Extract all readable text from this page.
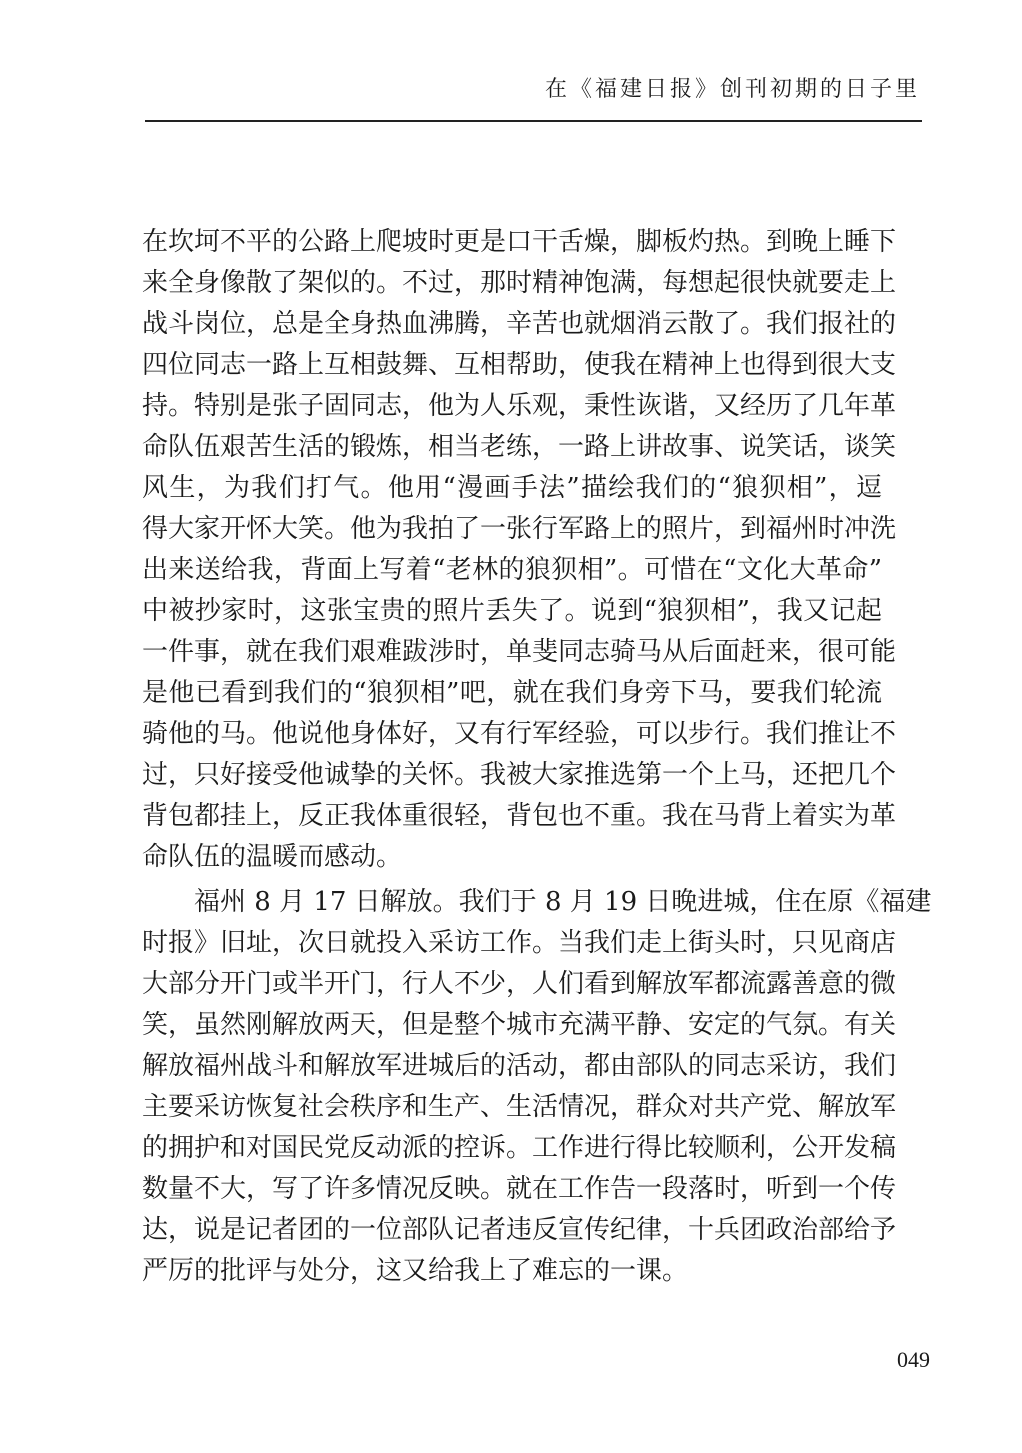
在《福建日报》创刊初期的日子里
在坎坷不平的公路上爬坡时更是口干舌燥，脚板灼热。到晚上睡下
来全身像散了架似的。不过，那时精神饱满，每想起很快就要走上
战斗岗位，总是全身热血沸腾，辛苦也就烟消云散了。我们报社的
四位同志一路上互相鼓舞、互相帮助，使我在精神上也得到很大支
持。特别是张子固同志，他为人乐观，秉性诙谐，又经历了几年革
命队伍艰苦生活的锻炼，相当老练，一路上讲故事、说笑话，谈笑
风生，为我们打气。他用“漫画手法”描绘我们的“狼狈相”，逗
得大家开怀大笑。他为我拍了一张行军路上的照片，到福州时冲洗
出来送给我，背面上写着“老林的狼狈相”。可惜在“文化大革命”
中被抄家时，这张宝贵的照片丢失了。说到“狼狈相”，我又记起
一件事，就在我们艰难跋涉时，单斐同志骑马从后面赶来，很可能
是他已看到我们的“狼狈相”吧，就在我们身旁下马，要我们轮流
骑他的马。他说他身体好，又有行军经验，可以步行。我们推让不
过，只好接受他诚挚的关怀。我被大家推选第一个上马，还把几个
背包都挂上，反正我体重很轻，背包也不重。我在马背上着实为革
命队伍的温暖而感动。
　　福州 8 月 17 日解放。我们于 8 月 19 日晚进城，住在原《福建
时报》旧址，次日就投入采访工作。当我们走上街头时，只见商店
大部分开门或半开门，行人不少，人们看到解放军都流露善意的微
笑，虽然刚解放两天，但是整个城市充满平静、安定的气氛。有关
解放福州战斗和解放军进城后的活动，都由部队的同志采访，我们
主要采访恢复社会秩序和生产、生活情况，群众对共产党、解放军
的拥护和对国民党反动派的控诉。工作进行得比较顺利，公开发稿
数量不大，写了许多情况反映。就在工作告一段落时，听到一个传
达，说是记者团的一位部队记者违反宣传纪律，十兵团政治部给予
严厉的批评与处分，这又给我上了难忘的一课。
049
